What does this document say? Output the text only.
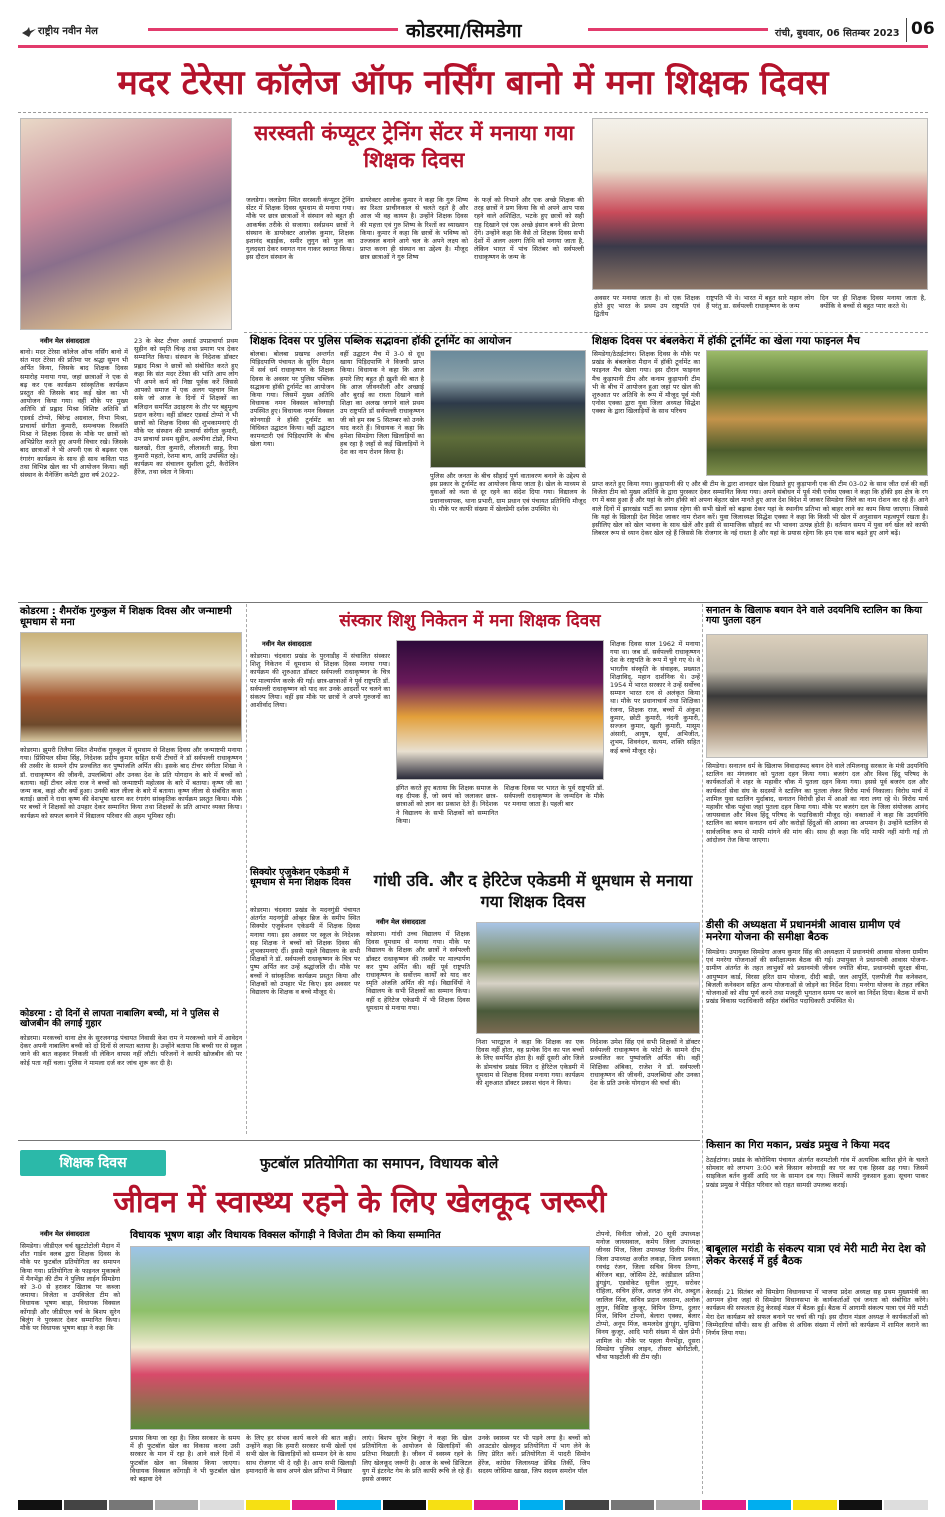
राष्ट्रीय नवीन मेल	कोडरमा/सिमडेगा	रांची, बुधवार, 06 सितम्बर 2023 06
मदर टेरेसा कॉलेज ऑफ नर्सिंग बानो में मना शिक्षक दिवस
सरस्वती कंप्यूटर ट्रेनिंग सेंटर में मनाया गया शिक्षक दिवस
जलडेगा। जलडेगा स्थित सरस्वती कंप्यूटर ट्रेनिंग सेंटर में शिक्षक दिवस धूमधाम से मनाया गया। मौके पर छात्र छात्राओं ने संस्थान को बहुत ही आकर्षक तरीके से सजाया। सर्वप्रथम छात्रों ने संस्थान के डायरेक्टर आलोक कुमार, शिक्षक इशानंद बड़ाईक, समीर लुगुन को फूल का गुलदस्ता देकर स्वागत गान गाकर स्वागत किया। इस दौरान संस्थान के
डायरेक्टर आलोक कुमार ने कहा कि गुरु शिष्य का रिश्ता प्राचीनकाल से चलते रहते है और आज भी वह कायम है। उन्होंने शिक्षक दिवस की महत्ता एवं गुरु शिष्य के रिश्तों का व्याख्यान किया। कुमार ने कहा कि छात्रों के भविष्य को उज्जवल बनाने आगे चल के अपने लक्ष्य को प्राप्त करना ही संस्थान का उद्देश्य है। मौजूद छात्र छात्राओं ने गुरु शिष्य
के फर्ज़ को निभाने और एक अच्छे शिक्षक की तरह छात्रों ने प्रण किया कि वो अपने आप पास रहने वाले अशिक्षित, भटके हुए छात्रों को सही राह दिखाने एवं एक अच्छे इंसान बनने की प्रेरणा देंगे। उन्होंने कहा कि वैसे तो शिक्षक दिवस सभी देशों में अलग अलग तिथि को मनाया जाता है, लेकिन भारत में पांच सितंबर को सर्वपल्ली राधाकृष्णन के जन्म के
अवसर पर मनाया जाता है। वो एक शिक्षक होते हुए भारत के प्रथम उप राष्ट्रपति एवं द्वितीय
राष्ट्रपति भी थे। भारत में बहुत सारे महान लोग हैं परंतु डा. सर्वपल्ली राधाकृष्णन के जन्म
दिन पर ही शिक्षक दिवस मनाया जाता है, क्योंकि वे बच्चों से बहुत प्यार करते थे।
नवीन मेल संवाददाता
बानो। मदर टेरेसा कॉलेज ऑफ नर्सिंग बानो में संत मदर टेरेसा की प्रतिमा पर श्रद्धा सुमन भी अर्पित किया, जिसके बाद शिक्षक दिवस समारोह मनाया गया, जहां छात्राओं ने एक से बढ़ कर एक कार्यक्रम सांस्कृतिक कार्यक्रम प्रस्तुत की जिसके बाद कई खेल का भी आयोजन किया गया। वहीं मौके पर मुख्य अतिथि डॉ प्रह्लाद मिश्रा विशिष्ट अतिथि डॉ एडवर्ड टोप्पो, बिरेन्द्र अग्रवाल, निभा मिश्रा, प्राचार्या संगीता कुमारी, समन्वयक रिकवंति मिश्रा ने शिक्षक दिवस के मौके पर छात्रों को अभिप्रेरित करते हुए अपनी विचार रखे। जिसके बाद छात्राओं ने भी अपनी एक से बढ़कर एक रंगारंग कार्यक्रम के साथ ही साथ कविता पाठ तथा विभिन्न खेल का भी आयोजन किया। वहीं संस्थान के मैनेजिंग कमेटी द्वारा वर्ष 2022-
23 के बेस्ट टीचर अवार्ड उपप्राचार्या प्रथम सुहीन को स्मृति चिन्ह तथा प्रमाण पत्र देकर सम्मानित किया। संस्थान के निदेशक डॉक्टर प्रह्लाद मिश्रा ने छात्रों को संबोधित करते हुए कहा कि संत मदर टेरेसा की भांति आप लोग भी अपने कर्म को निष्ठा पूर्वक करें जिससे आपको समाज में एक अलग पहचान मिल सके जो आज के दिनों में शिक्षकों का बलिदान समर्पित उदाहरण के तौर पर बहुमूल्य प्रदान करेगा। वहीं डॉक्टर एडवर्ड टोप्पो ने भी छात्रों को शिक्षक दिवस की शुभकामनाएं दी मौके पर संस्थान की प्राचार्या संगीता कुमारी, उप प्राचार्या प्रथम सुहीन, अल्पीना टोप्नो, निभा खलखो, रीता कुमारी, लीलावती साहू, रिया कुमारी महतो, रेशमा बाग, आदि उपस्थित रहे। कार्यक्रम का संचालन सुशीला टूटी, कैरोलिन हैरेंज, तथा स्वेता ने किया।
शिक्षक दिवस पर पुलिस पब्लिक सद्भावना हॉकी टूर्नामेंट का आयोजन
बोलबा। बोलबा प्रखण्ड अन्तर्गत पिड़िदपाणि पंचायत के सुरिंग मैदान में सर्व धर्म राधाकृष्णन के शिक्षक दिवस के अवसर पर पुलिस पब्लिक सद्भावना हॉकी टूर्नामेंट का आयोजन किया गया। जिसमें मुख्य अतिथि विधायक नमन विक्सल कोनगाड़ी उपस्थित हुए। विधायक नमन विक्सल कोनगाड़ी ने हॉकी टूर्नामेंट का विधिवत उद्घाटन किया। वहीं उद्घाटन कामनटारी एवं पिड़िदपाणि के बीच खेला गया।
वहीं उद्घाटन मैच में 3-0 से दूध खाया पिड़िदपाणि ने विजयी प्राप्त किया। विधायक ने कहा कि आज हमारे लिए बहुत ही ख़ुशी की बात है कि आज जीवनशैली और अच्छाई और बुराई का रास्ता दिखाने वाले शिक्षा का अलख जगाने वाले प्रथम उप राष्ट्रपति डॉ सर्वपल्ली राधाकृष्णन जी को हम सब 5 सितम्बर को उनके याद करते हैं। विधायक ने कहा कि हमेशा सिमडेगा जिला खिलाड़ियों का हब रहा है जहाँ से कई खिलाड़ियों ने देश का नाम रोशन किया है।
पुलिस और जनता के बीच सौहार्द पूर्ण वातावरण बनाने के उद्देश्य से इस प्रकार के टूर्नामेंट का आयोजन किया जाता है। खेल के माध्यम से युवाओं को नशा से दूर रहने का संदेश दिया गया। विद्यालय के प्रधानाध्यापक, थाना प्रभारी, ग्राम प्रधान एवं पंचायत प्रतिनिधि मौजूद थे। मौके पर काफी संख्या में खेलप्रेमी दर्शक उपस्थित थे।
शिक्षक दिवस पर बंबलकेरा में हॉकी टूर्नामेंट का खेला गया फाइनल मैच
सिमडेगा/ठेठईटांगर। शिक्षक दिवस के मौके पर प्रखंड के बंबलकेरा मैदान में हॉकी टूर्नामेंट का फाइनल मैच खेला गया। इस दौरान फाइनल मैच कुड़ापानी टीम और कनाम कुड़ापानी टीम भी के बीच में आयोजन हुआ जहां पर खेल की शुरुआत पर अतिथि के रूप में मौजूद पूर्व मंत्री एनोस एक्का द्वारा युवा जिला अध्यक्ष सिद्धेश एक्का के द्वारा खिलाड़ियों के साथ परिचय
प्राप्त करते हुए किया गया। कुड़ापानी की ए और बी टीम के द्वारा शानदार खेल दिखाते हुए कुड़ापानी एक की टीम 03-02 के साथ जीत दर्ज की वहीं विजेता टीम को मुख्य अतिथि के द्वारा पुरस्कार देकर सम्मानित किया गया। अपने संबोधन में पूर्व मंत्री एनोस एक्का ने कहा कि हॉकी इस क्षेत्र के रग रग में बसा हुआ है और यहां के लोग हॉकी को अपना बेहतर खेल मानते हुए आज देश विदेश में जाकर सिमडेगा जिले का नाम रोशन कर रहे हैं। आने वाले दिनों में झारखंड पार्टी का प्रयास रहेगा की सभी खेलों को बढ़ावा देकर यहां के स्थानीय प्रतिभा को बाहर लाने का काम किया जाएगा। जिससे कि यहां के खिलाड़ी देश विदेश जाकर नाम रोशन करें। युवा जिलाध्यक्ष सिद्धेश एक्का ने कहा कि किसी भी खेल में अनुशासन महत्वपूर्ण रखता है। इसीलिए खेल को खेल भावना के साथ खेलें और इसी से सामाजिक सौहार्द का भी भावना उत्पन्न होती है। वर्तमान समय में युवा वर्ग खेल को काफी लिबरल रूप से ध्यान देकर खेल रहे हैं जिससे कि रोजगार के नई रास्ता है और यहां के प्रयास रहेगा कि हम एक साथ बढ़ते हुए आगे बढ़ें।
कोडरमा : शैमरॉक गुरुकुल में शिक्षक दिवस और जन्माष्टमी धूमधाम से मना
कोडरमा। झुमरी तिलैया स्थित शैमरॉक गुरुकुल में धूमधाम से शिक्षक दिवस और जन्माष्टमी मनाया गया। प्रिंसिपल सीमा सिंह, निदेशक प्रदीप कुमार सहित सभी टीचरों ने डॉ सर्वपल्ली राधाकृष्णन की तस्वीर के सामने दीप प्रज्वलित कर पुष्पांजलि अर्पित की। इसके बाद टीचर संगीता शिखा ने डॉ. राधाकृष्णन की जीवनी, उपलब्धियां और उनका देश के प्रति योगदान के बारे में बच्चों को बताया। वहीं टीचर श्वेता राज ने बच्चों को जन्माष्टमी महोत्सव के बारे में बताया। कृष्ण जी का जन्म कब, कहां और क्यों हुआ। उनकी बाल लीला के बारे में बताया। कृष्ण लीला से संबंधित कथा बताई। छात्रों ने राधा कृष्ण की वेशभूषा धारण कर रंगारंग सांस्कृतिक कार्यक्रम प्रस्तुत किया। मौके पर बच्चों ने शिक्षकों को उपहार देकर सम्मानित किया तथा शिक्षकों के प्रति आभार व्यक्त किया। कार्यक्रम को सफल बनाने में विद्यालय परिवार की अहम भूमिका रही।
कोडरमा : दो दिनों से लापता नाबालिग बच्ची, मां ने पुलिस से खोजबीन की लगाई गुहार
कोडरमा। मरकच्चो थाना क्षेत्र के सुरजनगढ़ पंचायत निवासी केश राम ने मरकच्चो थाने में आवेदन देकर अपनी नाबालिग बच्ची को दो दिनों से लापता बताया है। उन्होंने बताया कि बच्ची घर से स्कूल जाने की बात कहकर निकली थी लेकिन वापस नहीं लौटी। परिजनों ने काफी खोजबीन की पर कोई पता नहीं चला। पुलिस ने मामला दर्ज कर जांच शुरू कर दी है।
संस्कार शिशु निकेतन में मना शिक्षक दिवस
नवीन मेल संवाददाता
कोडरमा। चंदवारा प्रखंड के पुरनाडीह में संचालित संस्कार शिशु निकेतन में धूमधाम से शिक्षक दिवस मनाया गया। कार्यक्रम की शुरुआत डॉक्टर सर्वपल्ली राधाकृष्णन के चित्र पर माल्यार्पण करके की गई। छात्र-छात्राओं ने पूर्व राष्ट्रपति डॉ. सर्वपल्ली राधाकृष्णन को याद कर उनके आदर्शों पर चलने का संकल्प लिया। वहीं इस मौके पर छात्रों ने अपने गुरुजनों का आशीर्वाद लिया।
इंगित करते हुए बताया कि शिक्षक समाज के वह दीपक हैं, जो स्वयं को जलाकर छात्र-छात्राओं को ज्ञान का प्रकाश देते हैं। निदेशक ने विद्यालय के सभी शिक्षकों को सम्मानित किया।
शिक्षक दिवस पर भारत के पूर्व राष्ट्रपति डॉ. सर्वपल्ली राधाकृष्णन के जन्मदिन के मौके पर मनाया जाता है। पहली बार
शिक्षक दिवस साल 1962 में मनाया गया था। जब डॉ. सर्वपल्ली राधाकृष्णन देश के राष्ट्रपति के रूप में चुने गए थे। वे भारतीय संस्कृति के संवाहक, प्रख्यात शिक्षाविद्, महान दार्शनिक थे। उन्हें 1954 में भारत सरकार ने उन्हें सर्वोच्च सम्मान भारत रत्न से अलंकृत किया था। मौके पर प्रधानाचार्य तथा शिक्षिका रंजना, शिक्षक राज, बच्चों में अंकुश कुमार, छोटी कुमारी, नंदनी कुमारी, सज्जन कुमार, खुशी कुमारी, मासूम अंसारी, आयुष, सूर्या, अभिजीत, शुभम, शिवनंदन, सत्यम, शक्ति सहित कई बच्चे मौजूद रहे।
सिक्योर एजुकेशन एकेडमी में धूमधाम से मना शिक्षक दिवस
कोडरमा। चंदवारा प्रखंड के मदनगुंडी पंचायत अंतर्गत मदनगुंडी ओव्हर ब्रिज के समीप स्थित सिक्योर एजुकेशन एकेडमी में शिक्षक दिवस मनाया गया। इस अवसर पर स्कूल के निदेशक सह शिक्षक ने बच्चों को शिक्षक दिवस की शुभकामनाएं दीं। इससे पहले विद्यालय के सभी शिक्षकों ने डॉ. सर्वपल्ली राधाकृष्णन के चित्र पर पुष्प अर्पित कर उन्हें श्रद्धांजलि दी। मौके पर बच्चों ने सांस्कृतिक कार्यक्रम प्रस्तुत किया और शिक्षकों को उपहार भेंट किए। इस अवसर पर विद्यालय के शिक्षक व बच्चे मौजूद थे।
गांधी उवि. और द हेरिटेज एकेडमी में धूमधाम से मनाया गया शिक्षक दिवस
नवीन मेल संवाददाता
कोडरमा। गांधी उच्च विद्यालय में शिक्षक दिवस धूमधाम से मनाया गया। मौके पर विद्यालय के शिक्षक और छात्रों ने सर्वपल्ली डॉक्टर राधाकृष्णन की तस्वीर पर माल्यार्पण कर पुष्प अर्पित की। वहीं पूर्व राष्ट्रपति राधाकृष्णन के सर्वोत्तम कार्यों को याद कर स्मृति अंजलि अर्पित की गई। विद्यार्थियों ने विद्यालय के सभी शिक्षकों का सम्मान किया। वहीं द हेरिटेज एकेडमी में भी शिक्षक दिवस धूमधाम से मनाया गया।
निशा भारद्वाज ने कहा कि शिक्षक का एक दिवस नहीं होता, वह प्रत्येक दिन का पल बच्चों के लिए समर्पित होता है। वहीं दूसरी ओर जिले के डोमचांच प्रखंड स्थित द हेरिटेज एकेडमी में धूमधाम से शिक्षक दिवस मनाया गया। कार्यक्रम की शुरुआत डॉक्टर प्रकाश चंदन ने किया।
निदेशक उमेश सिंह एवं सभी शिक्षकों ने डॉक्टर सर्वपल्ली राधाकृष्णन के फोटो के सामने दीप प्रज्वलित कर पुष्पांजलि अर्पित की। वहीं शिक्षिका अंबिका, राजेश ने डॉ. सर्वपल्ली राधाकृष्णन की जीवनी, उपलब्धियां और उनका देश के प्रति उनके योगदान की चर्चा की।
सनातन के खिलाफ बयान देने वाले उदयनिधि स्टालिन का किया गया पुतला दहन
सिमडेगा। सनातन धर्म के खिलाफ विवादास्पद बयान देने वाले तमिलनाडु सरकार के मंत्री उदयनिधि स्टालिन का मंगलवार को पुतला दहन किया गया। बजरंग दल और विश्व हिंदू परिषद के कार्यकर्ताओं ने शहर के महावीर चौक में पुतला दहन किया गया। इससे पूर्व बजरंग दल और कार्यकर्ता सेवा संघ के सदस्यों ने स्टालिन का पुतला लेकर विरोध मार्च निकाला। विरोध मार्च में शामिल युवा स्टालिन मुर्दाबाद, सनातन विरोधी होश में आओ का नारा लगा रहे थे। विरोध मार्च महावीर चौक पहुंचा जहां पुतला दहन किया गया। मौके पर बजरंग दल के जिला संयोजक आनंद जायसवाल और विश्व हिंदू परिषद के पदाधिकारी मौजूद रहे। वक्ताओं ने कहा कि उदयनिधि स्टालिन का बयान सनातन धर्म और करोड़ों हिंदुओं की आस्था का अपमान है। उन्होंने स्टालिन से सार्वजनिक रूप से माफी मांगने की मांग की। साथ ही कहा कि यदि माफी नहीं मांगी गई तो आंदोलन तेज किया जाएगा।
डीसी की अध्यक्षता में प्रधानमंत्री आवास ग्रामीण एवं मनरेगा योजना की समीक्षा बैठक
सिमडेगा। उपायुक्त सिमडेगा अजय कुमार सिंह की अध्यक्षता में प्रधानमंत्री आवास योजना ग्रामीण एवं मनरेगा योजनाओं की समीक्षात्मक बैठक की गई। उपायुक्त ने प्रधानमंत्री आवास योजना-ग्रामीण अंतर्गत के तहत लाभुकों को प्रधानमंत्री जीवन ज्योति बीमा, प्रधानमंत्री सुरक्षा बीमा, आयुष्मान कार्ड, विरसा हरित ग्राम योजना, दीदी बाड़ी, जल आपूर्ति, एलपीजी गैस कनेक्शन, बिजली कनेक्शन सहित अन्य योजनाओं से जोड़ने का निर्देश दिया। मनरेगा योजना के तहत लंबित योजनाओं को शीघ्र पूर्ण करने तथा मजदूरी भुगतान समय पर करने का निर्देश दिया। बैठक में सभी प्रखंड विकास पदाधिकारी सहित संबंधित पदाधिकारी उपस्थित थे।
शिक्षक दिवस	फुटबॉल प्रतियोगिता का समापन, विधायक बोले
जीवन में स्वास्थ्य रहने के लिए खेलकूद जरूरी
नवीन मेल संवाददाता
सिमडेगा। जीडीएल चर्च खुटटोटोली मैदान में शीत गार्डन क्लब द्वारा शिक्षक दिवस के मौके पर फुटबॉल प्रतियोगिता का समापन किया गया। प्रतियोगिता के फाइनल मुकाबले में मैनभेंड्रा की टीम ने पुलिस लाईन सिमडेगा को 3-0 से हराकर खिताब पर कब्जा जमाया। विजेता व उपविजेता टीम को विधायक भूषण बाड़ा, विधायक विक्सल कोंगाड़ी और जीडीएल चर्च के बिशप सुरेन बिलुंग ने पुरस्कार देकर सम्मानित किया। मौके पर विधायक भूषण बाड़ा ने कहा कि
विधायक भूषण बाड़ा और विधायक विक्सल कोंगाड़ी ने विजेता टीम को किया सम्मानित
प्रयास किया जा रहा है। जिस सरकार के समय में ही फुटबॉल खेल का विकास करना उसी सरकार के मान में रहा है। आने वाले दिनों में फुटबॉल खेल का विकास किया जाएगा। विधायक विक्सल कोंगाड़ी ने भी फुटबॉल खेल को बढ़ावा देने
के लिए हर संभव कार्य करने की बात कही। उन्होंने कहा कि हमारी सरकार सभी खेलों एवं सभी खेल के खिलाड़ियों को सम्मान देने के साथ साथ रोजगार भी दे रही है। आप सभी खिलाड़ी इमानदारी के साथ अपने खेल प्रतिभा में निखार
लाएं। बिशप सुरेन बिलुंग ने कहा कि खेल प्रतियोगिता के आयोजन से खिलाड़ियों की प्रतिभा निखरती है। जीवन में स्वस्थ्य रहने के लिए खेलकूद जरूरी है। आज के बच्चे डिजिटल युग में इंटरनेट गेम के प्रति काफी रूचि ले रहे हैं। इससे अक्सर
उनके स्वास्थ्य पर भी पड़ने लगा है। बच्चों को आउटडोर खेलकूद प्रतियोगिता में भाग लेने के लिए प्रेरित करें। प्रतियोगिता में पादरी सिमोन हेरेंज, कांग्रेस जिलाध्यक्ष डेविड तिर्की, जिप सदस्य जोसिमा खाखा, जिप सदस्य समरोन पॉल
टोपनो, विनीता जोजो, 20 सूत्री उपाध्यक्ष मनोज जायसवाल, कमेय जिला उपाध्यक्ष जीनस मिंज, जिला उपाध्यक्ष दिलीप मिंज, जिला उपाध्यक्ष अजीत लकड़ा, जिला प्रवक्ता रवचंद्र रंजन, जिला सचिव विनय तिग्गा, बीरेंजन बड़ा, जोसिम टेटे, कांडीडाल प्रतिमा डुंगडुंग, एडवोकेट सुनील लुगुन, सरोवर रोहिला, सचिन हेरेंज, अलक्ष ज़ेन शेर, अब्दुल जालिल मिंज, सचिव प्रदान जसराम, अलोक लुगुन, विशिष्ट कुजूर, विपिन तिग्गा, दुलार मिंज, विपिन टोपनो, बेलारा एक्का, बेलार टोप्पो, अनूप मिंज, कमलदेव डुंगडुंग, मुखिया विनय कुजूर, आदि भारी संख्या में खेल प्रेमी शामिल थे। मौके पर पहला मैनभेंड्रा, दूसरा सिमडेगा पुलिस लाइन, तीसरा बोगीटोली, चौथा फाइटोली की टीम रही।
किसान का गिरा मकान, प्रखंड प्रमुख ने किया मदद
ठेठईटांगर। प्रखंड के कोरोमिया पंचायत अंतर्गत करमटोली गांव में अत्यधिक बारिश होने के चलते सोमवार को लगभग 3:00 बजे किसान कोनराड़ी का घर का एक हिस्सा ढह गया। जिसमें साइकिल बर्तन कुर्सी आदि घर के सामान दब गए। जिसमें काफी नुकसान हुआ। सूचना पाकर प्रखंड प्रमुख ने पीड़ित परिवार को राहत सामग्री उपलब्ध कराई।
बाबूलाल मरांडी के संकल्प यात्रा एवं मेरी माटी मेरा देश को लेकर केरसई में हुई बैठक
केरसई। 21 सितंबर को सिमडेगा विधानसभा में भाजपा प्रदेश अध्यक्ष सह प्रथम मुख्यमंत्री का आगमन होना जहां से सिमडेगा विधानसभा के कार्यकर्ताओं एवं जनता को संबोधित करेंगे। कार्यक्रम की सफलता हेतु केरसई मंडल में बैठक हुई। बैठक में आगामी संकल्प यात्रा एवं मेरी माटी मेरा देश कार्यक्रम को सफल बनाने पर चर्चा की गई। इस दौरान मंडल अध्यक्ष ने कार्यकर्ताओं को जिम्मेदारियां सौंपी। साथ ही अधिक से अधिक संख्या में लोगों को कार्यक्रम में शामिल कराने का निर्णय लिया गया।
